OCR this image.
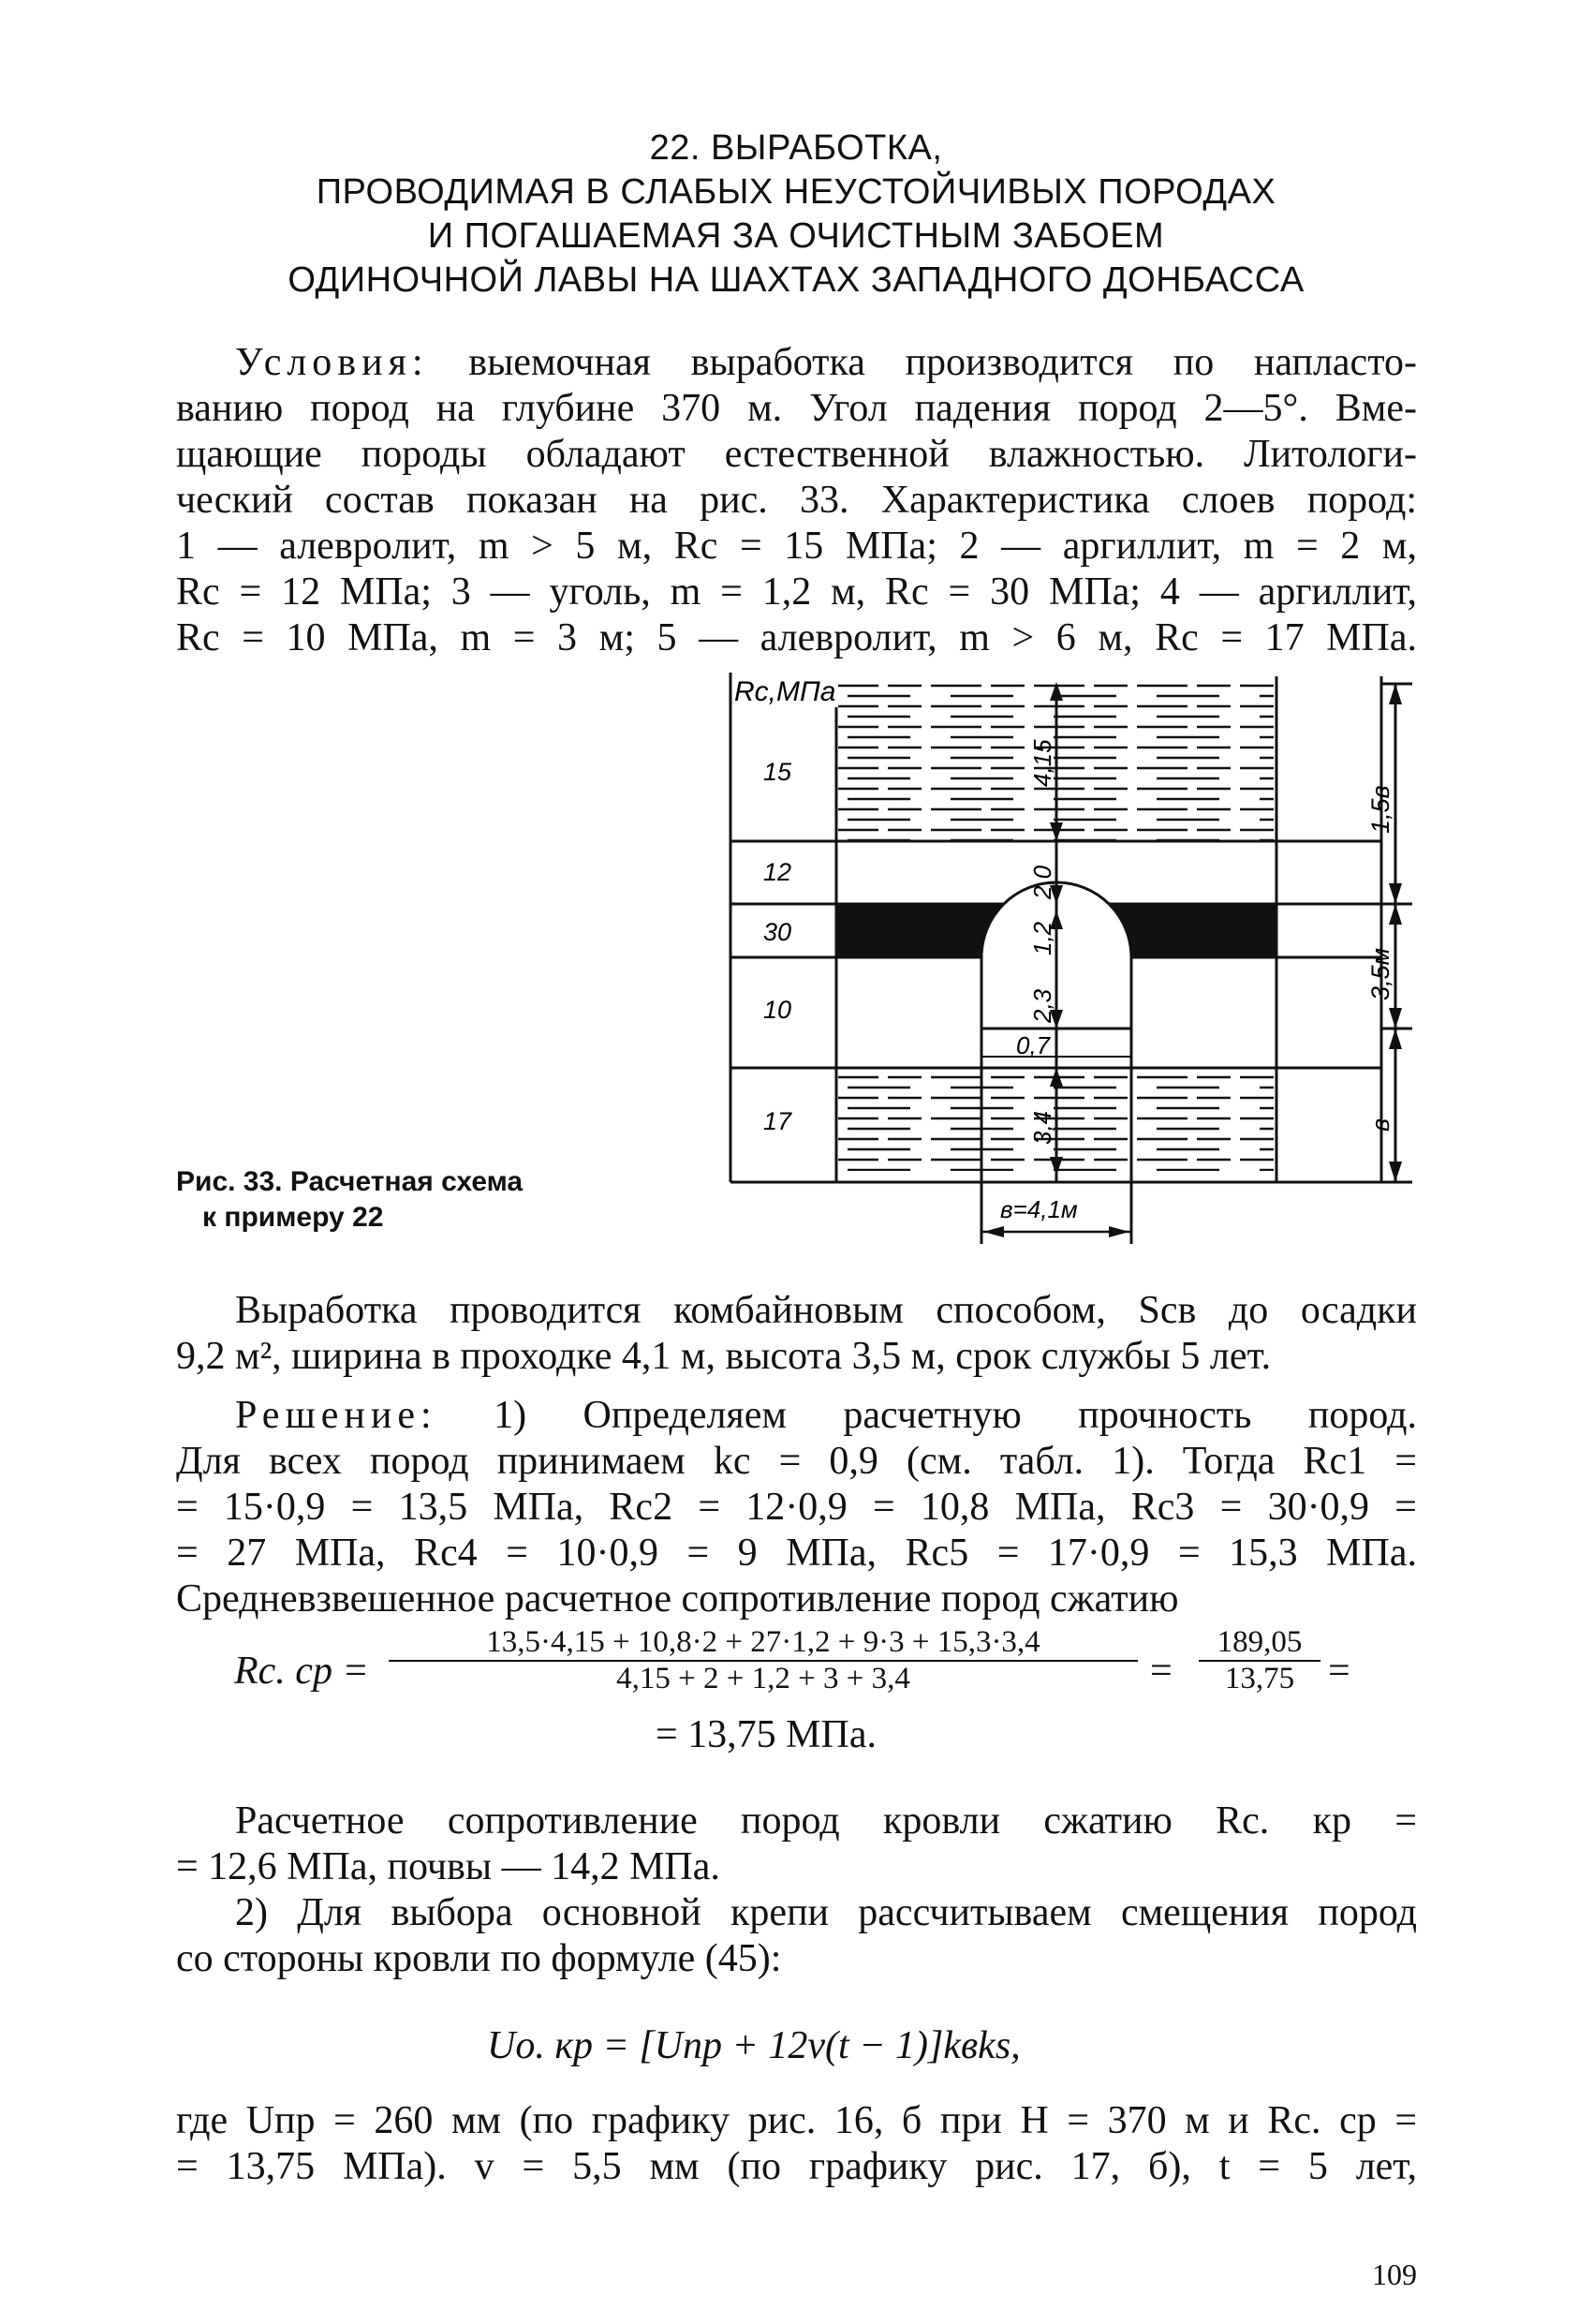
22. ВЫРАБОТКА,
ПРОВОДИМАЯ В СЛАБЫХ НЕУСТОЙЧИВЫХ ПОРОДАХ
И ПОГАШАЕМАЯ ЗА ОЧИСТНЫМ ЗАБОЕМ
ОДИНОЧНОЙ ЛАВЫ НА ШАХТАХ ЗАПАДНОГО ДОНБАССА
Условия: выемочная выработка производится по напласто-
ванию пород на глубине 370 м. Угол падения пород 2—5°. Вме-
щающие породы обладают естественной влажностью. Литологи-
ческий состав показан на рис. 33. Характеристика слоев пород:
1 — алевролит, m > 5 м, Rc = 15 МПа; 2 — аргиллит, m = 2 м,
Rc = 12 МПа; 3 — уголь, m = 1,2 м, Rc = 30 МПа; 4 — аргиллит,
Rc = 10 МПа, m = 3 м; 5 — алевролит, m > 6 м, Rc = 17 МПа.
Rc,МПа
15
12
30
10
17
4,15
2,0
1,2
2,3
0,7
3,4
1,5в
3,5м
в
в=4,1м
Рис. 33. Расчетная схема
к примеру 22
Выработка проводится комбайновым способом, Sсв до осадки
9,2 м², ширина в проходке 4,1 м, высота 3,5 м, срок службы 5 лет.
Решение: 1) Определяем расчетную прочность пород.
Для всех пород принимаем kc = 0,9 (см. табл. 1). Тогда Rc1 =
= 15·0,9 = 13,5 МПа, Rc2 = 12·0,9 = 10,8 МПа, Rc3 = 30·0,9 =
= 27 МПа, Rc4 = 10·0,9 = 9 МПа, Rc5 = 17·0,9 = 15,3 МПа.
Средневзвешенное расчетное сопротивление пород сжатию
Rc. ср = $\frac{13,5\cdot 4,15 + 10,8\cdot 2 + 27\cdot 1,2 + 9\cdot 3 + 15,3\cdot 3,4}{4,15 + 2 + 1,2 + 3 + 3,4} = \frac{189,05}{13,75}$ =
= 13,75 МПа.
Расчетное сопротивление пород кровли сжатию Rc. кр =
= 12,6 МПа, почвы — 14,2 МПа.
2) Для выбора основной крепи рассчитываем смещения пород
со стороны кровли по формуле (45):
Uо. кр = [Uпр + 12v(t − 1)]kвks,
где Uпр = 260 мм (по графику рис. 16, б при H = 370 м и Rc. ср =
= 13,75 МПа). v = 5,5 мм (по графику рис. 17, б), t = 5 лет,
109
